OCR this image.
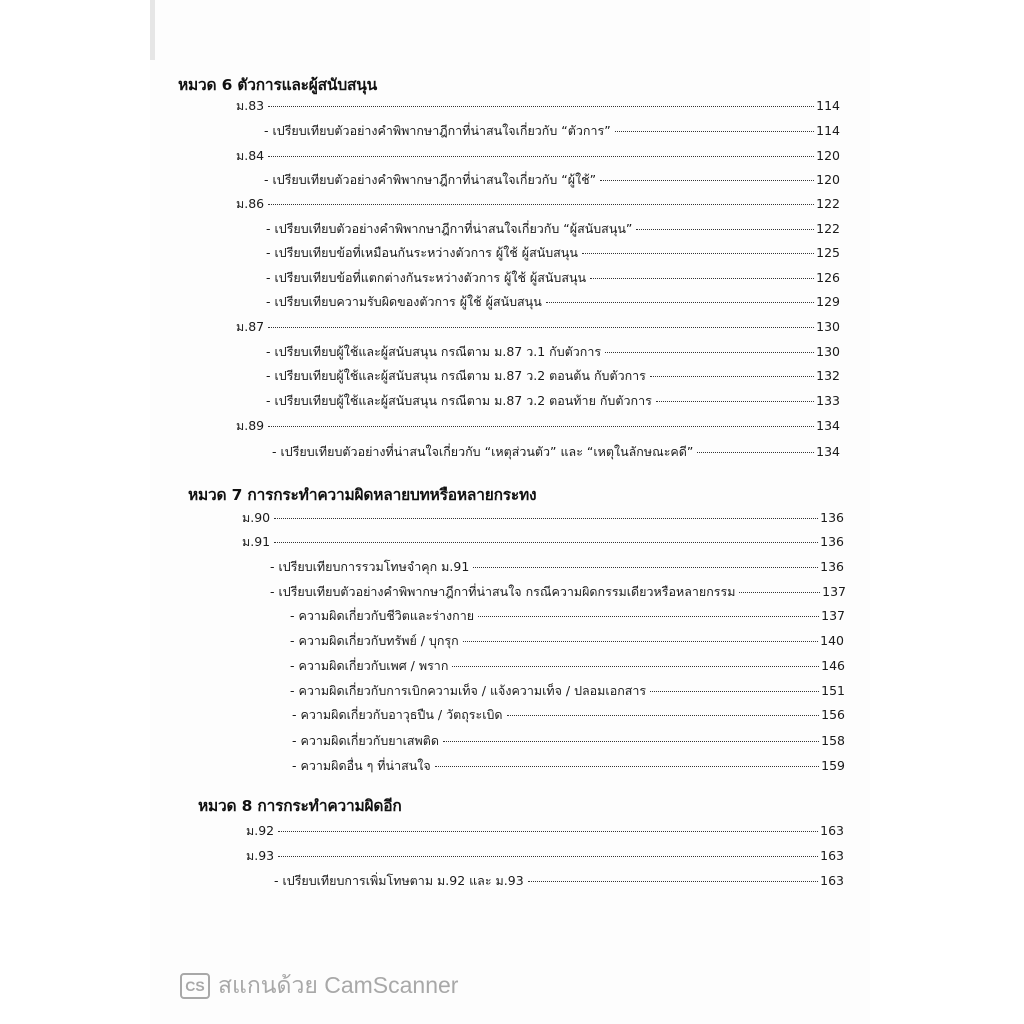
หมวด 6 ตัวการและผู้สนับสนุน
ม.83	114
- เปรียบเทียบตัวอย่างคำพิพากษาฎีกาที่น่าสนใจเกี่ยวกับ “ตัวการ”	114
ม.84	120
- เปรียบเทียบตัวอย่างคำพิพากษาฎีกาที่น่าสนใจเกี่ยวกับ “ผู้ใช้”	120
ม.86	122
- เปรียบเทียบตัวอย่างคำพิพากษาฎีกาที่น่าสนใจเกี่ยวกับ “ผู้สนับสนุน”	122
- เปรียบเทียบข้อที่เหมือนกันระหว่างตัวการ ผู้ใช้ ผู้สนับสนุน	125
- เปรียบเทียบข้อที่แตกต่างกันระหว่างตัวการ ผู้ใช้ ผู้สนับสนุน	126
- เปรียบเทียบความรับผิดของตัวการ ผู้ใช้ ผู้สนับสนุน	129
ม.87	130
- เปรียบเทียบผู้ใช้และผู้สนับสนุน กรณีตาม ม.87 ว.1 กับตัวการ	130
- เปรียบเทียบผู้ใช้และผู้สนับสนุน กรณีตาม ม.87 ว.2 ตอนต้น กับตัวการ	132
- เปรียบเทียบผู้ใช้และผู้สนับสนุน กรณีตาม ม.87 ว.2 ตอนท้าย กับตัวการ	133
ม.89	134
- เปรียบเทียบตัวอย่างที่น่าสนใจเกี่ยวกับ “เหตุส่วนตัว” และ “เหตุในลักษณะคดี”	134
หมวด 7 การกระทำความผิดหลายบทหรือหลายกระทง
ม.90	136
ม.91	136
- เปรียบเทียบการรวมโทษจำคุก ม.91	136
- เปรียบเทียบตัวอย่างคำพิพากษาฎีกาที่น่าสนใจ กรณีความผิดกรรมเดียวหรือหลายกรรม	137
- ความผิดเกี่ยวกับชีวิตและร่างกาย	137
- ความผิดเกี่ยวกับทรัพย์ / บุกรุก	140
- ความผิดเกี่ยวกับเพศ / พราก	146
- ความผิดเกี่ยวกับการเบิกความเท็จ / แจ้งความเท็จ / ปลอมเอกสาร	151
- ความผิดเกี่ยวกับอาวุธปืน / วัตถุระเบิด	156
- ความผิดเกี่ยวกับยาเสพติด	158
- ความผิดอื่น ๆ ที่น่าสนใจ	159
หมวด 8 การกระทำความผิดอีก
ม.92	163
ม.93	163
- เปรียบเทียบการเพิ่มโทษตาม ม.92 และ ม.93	163
CS สแกนด้วย CamScanner
